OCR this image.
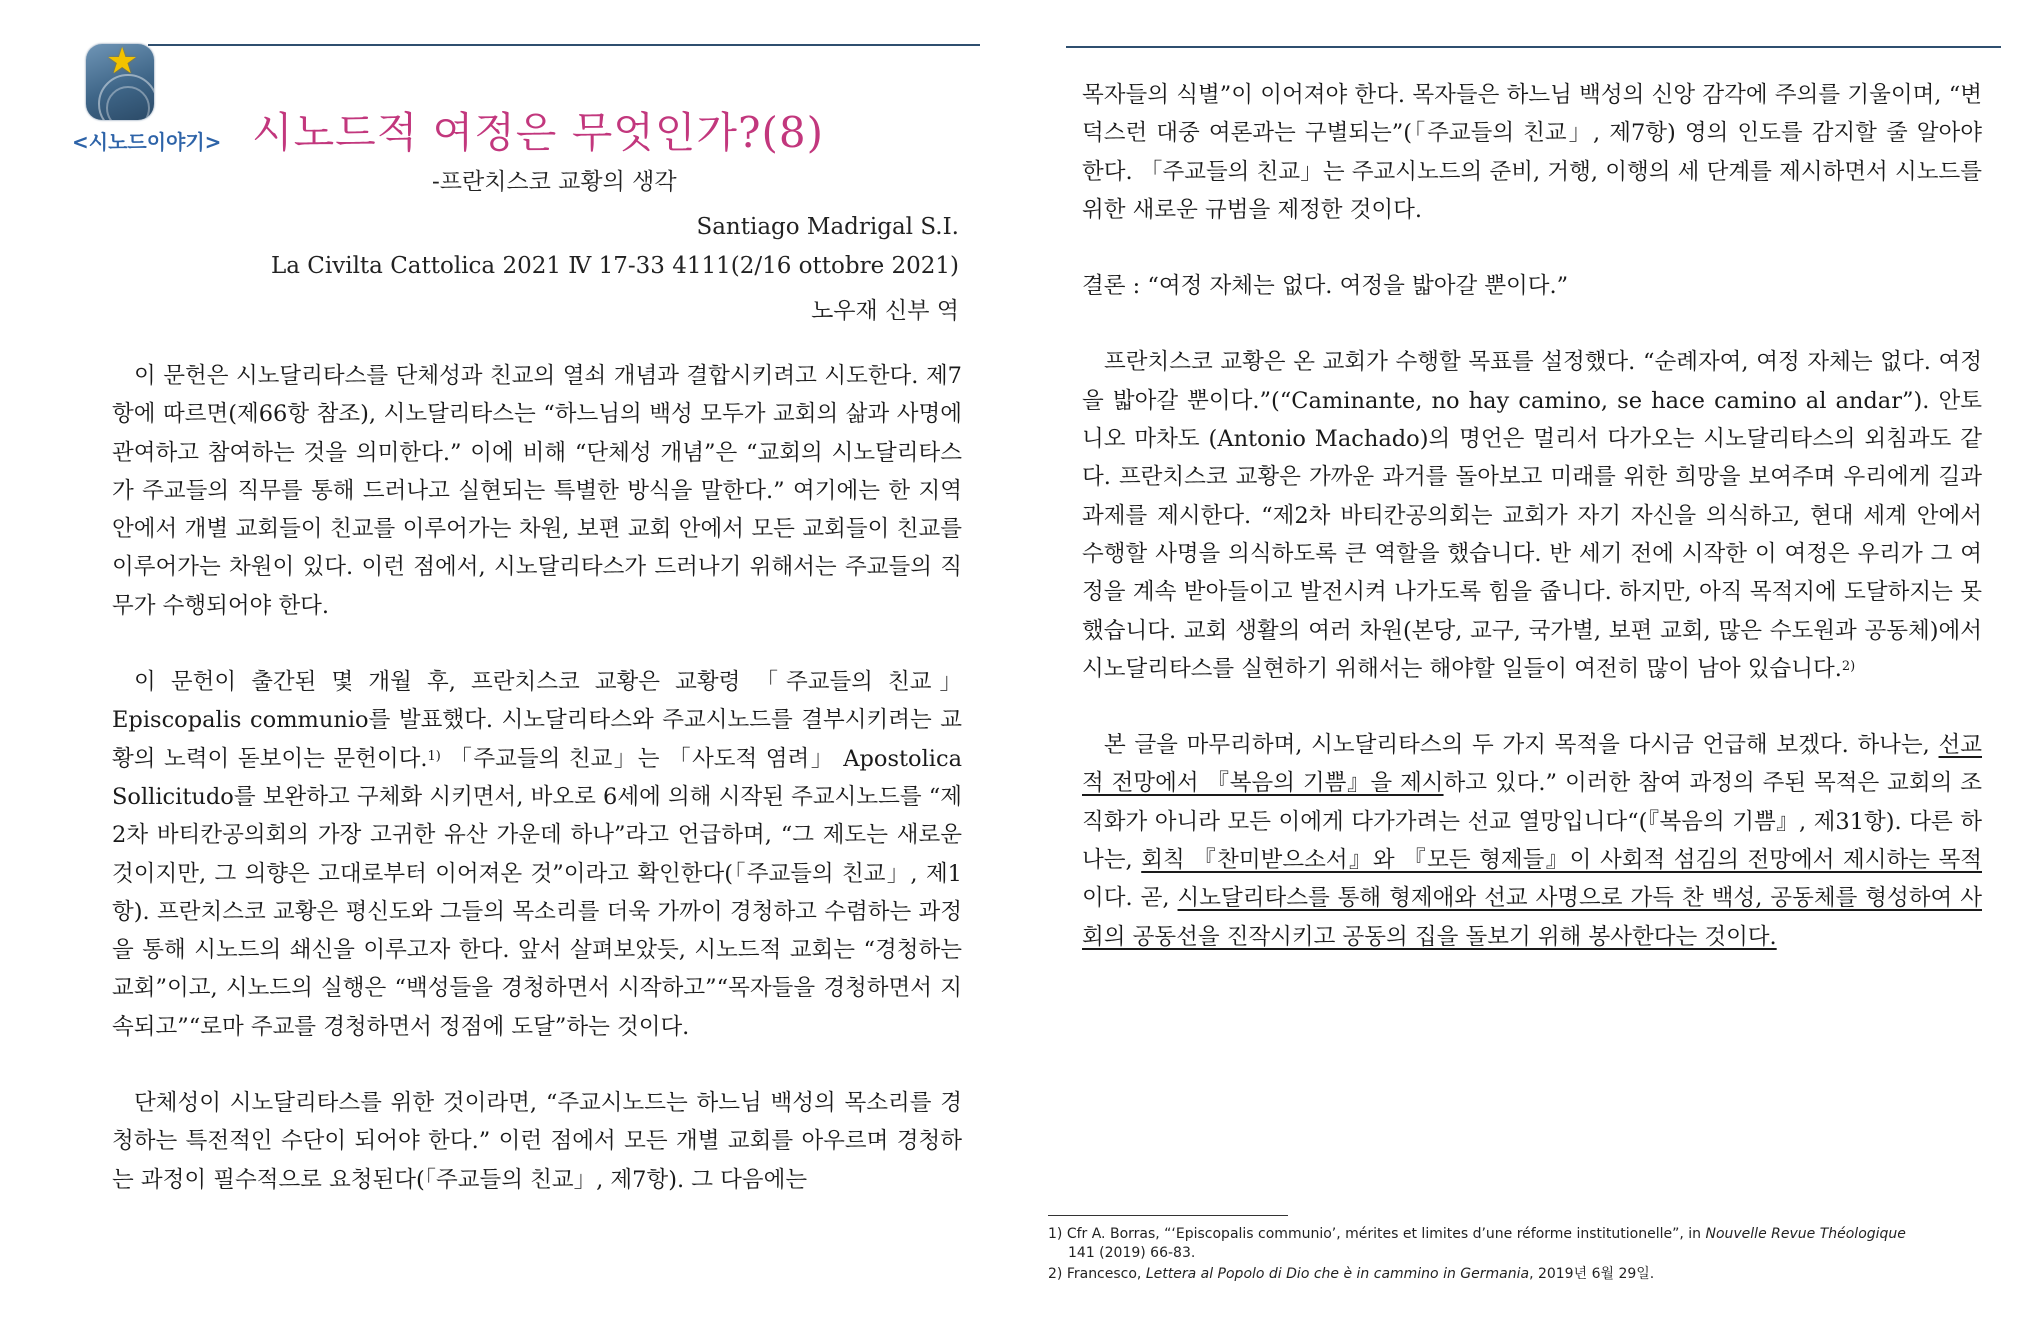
★
<시노드이야기> 시노드적 여정은 무엇인가?(8)
-프란치스코 교황의 생각
Santiago Madrigal S.I.
La Civilta Cattolica 2021 Ⅳ 17-33 4111(2/16 ottobre 2021)
노우재 신부 역

이 문헌은 시노달리타스를 단체성과 친교의 열쇠 개념과 결합시키려고 시도한다. 제7항에 따르면(제66항 참조), 시노달리타스는 “하느님의 백성 모두가 교회의 삶과 사명에 관여하고 참여하는 것을 의미한다.” 이에 비해 “단체성 개념”은 “교회의 시노달리타스가 주교들의 직무를 통해 드러나고 실현되는 특별한 방식을 말한다.” 여기에는 한 지역 안에서 개별 교회들이 친교를 이루어가는 차원, 보편 교회 안에서 모든 교회들이 친교를 이루어가는 차원이 있다. 이런 점에서, 시노달리타스가 드러나기 위해서는 주교들의 직무가 수행되어야 한다.

이 문헌이 출간된 몇 개월 후, 프란치스코 교황은 교황령 「주교들의 친교」 Episcopalis communio를 발표했다. 시노달리타스와 주교시노드를 결부시키려는 교황의 노력이 돋보이는 문헌이다.$^{1)}$ 「주교들의 친교」는 「사도적 염려」 Apostolica Sollicitudo를 보완하고 구체화 시키면서, 바오로 6세에 의해 시작된 주교시노드를 “제2차 바티칸공의회의 가장 고귀한 유산 가운데 하나”라고 언급하며, “그 제도는 새로운 것이지만, 그 의향은 고대로부터 이어져온 것”이라고 확인한다(「주교들의 친교」, 제1항). 프란치스코 교황은 평신도와 그들의 목소리를 더욱 가까이 경청하고 수렴하는 과정을 통해 시노드의 쇄신을 이루고자 한다. 앞서 살펴보았듯, 시노드적 교회는 “경청하는 교회”이고, 시노드의 실행은 “백성들을 경청하면서 시작하고”“목자들을 경청하면서 지속되고”“로마 주교를 경청하면서 정점에 도달”하는 것이다.

단체성이 시노달리타스를 위한 것이라면, “주교시노드는 하느님 백성의 목소리를 경청하는 특전적인 수단이 되어야 한다.” 이런 점에서 모든 개별 교회를 아우르며 경청하는 과정이 필수적으로 요청된다(「주교들의 친교」, 제7항). 그 다음에는

목자들의 식별”이 이어져야 한다. 목자들은 하느님 백성의 신앙 감각에 주의를 기울이며, “변덕스런 대중 여론과는 구별되는”(「주교들의 친교」, 제7항) 영의 인도를 감지할 줄 알아야 한다. 「주교들의 친교」는 주교시노드의 준비, 거행, 이행의 세 단계를 제시하면서 시노드를 위한 새로운 규범을 제정한 것이다.

결론 : “여정 자체는 없다. 여정을 밟아갈 뿐이다.”

프란치스코 교황은 온 교회가 수행할 목표를 설정했다. “순례자여, 여정 자체는 없다. 여정을 밟아갈 뿐이다.”(“Caminante, no hay camino, se hace camino al andar”). 안토니오 마차도 (Antonio Machado)의 명언은 멀리서 다가오는 시노달리타스의 외침과도 같다. 프란치스코 교황은 가까운 과거를 돌아보고 미래를 위한 희망을 보여주며 우리에게 길과 과제를 제시한다. “제2차 바티칸공의회는 교회가 자기 자신을 의식하고, 현대 세계 안에서 수행할 사명을 의식하도록 큰 역할을 했습니다. 반 세기 전에 시작한 이 여정은 우리가 그 여정을 계속 받아들이고 발전시켜 나가도록 힘을 줍니다. 하지만, 아직 목적지에 도달하지는 못했습니다. 교회 생활의 여러 차원(본당, 교구, 국가별, 보편 교회, 많은 수도원과 공동체)에서 시노달리타스를 실현하기 위해서는 해야할 일들이 여전히 많이 남아 있습니다.$^{2)}$

본 글을 마무리하며, 시노달리타스의 두 가지 목적을 다시금 언급해 보겠다. 하나는, 선교적 전망에서 『복음의 기쁨』을 제시하고 있다.” 이러한 참여 과정의 주된 목적은 교회의 조직화가 아니라 모든 이에게 다가가려는 선교 열망입니다“(『복음의 기쁨』, 제31항). 다른 하나는, 회칙 『찬미받으소서』와 『모든 형제들』이 사회적 섬김의 전망에서 제시하는 목적이다. 곧, 시노달리타스를 통해 형제애와 선교 사명으로 가득 찬 백성, 공동체를 형성하여 사회의 공동선을 진작시키고 공동의 집을 돌보기 위해 봉사한다는 것이다.

1) Cfr A. Borras, “‘Episcopalis communio’, mérites et limites d’une réforme institutionelle”, in Nouvelle Revue Théologique
141 (2019) 66-83.
2) Francesco, Lettera al Popolo di Dio che è in cammino in Germania, 2019년 6월 29일.
